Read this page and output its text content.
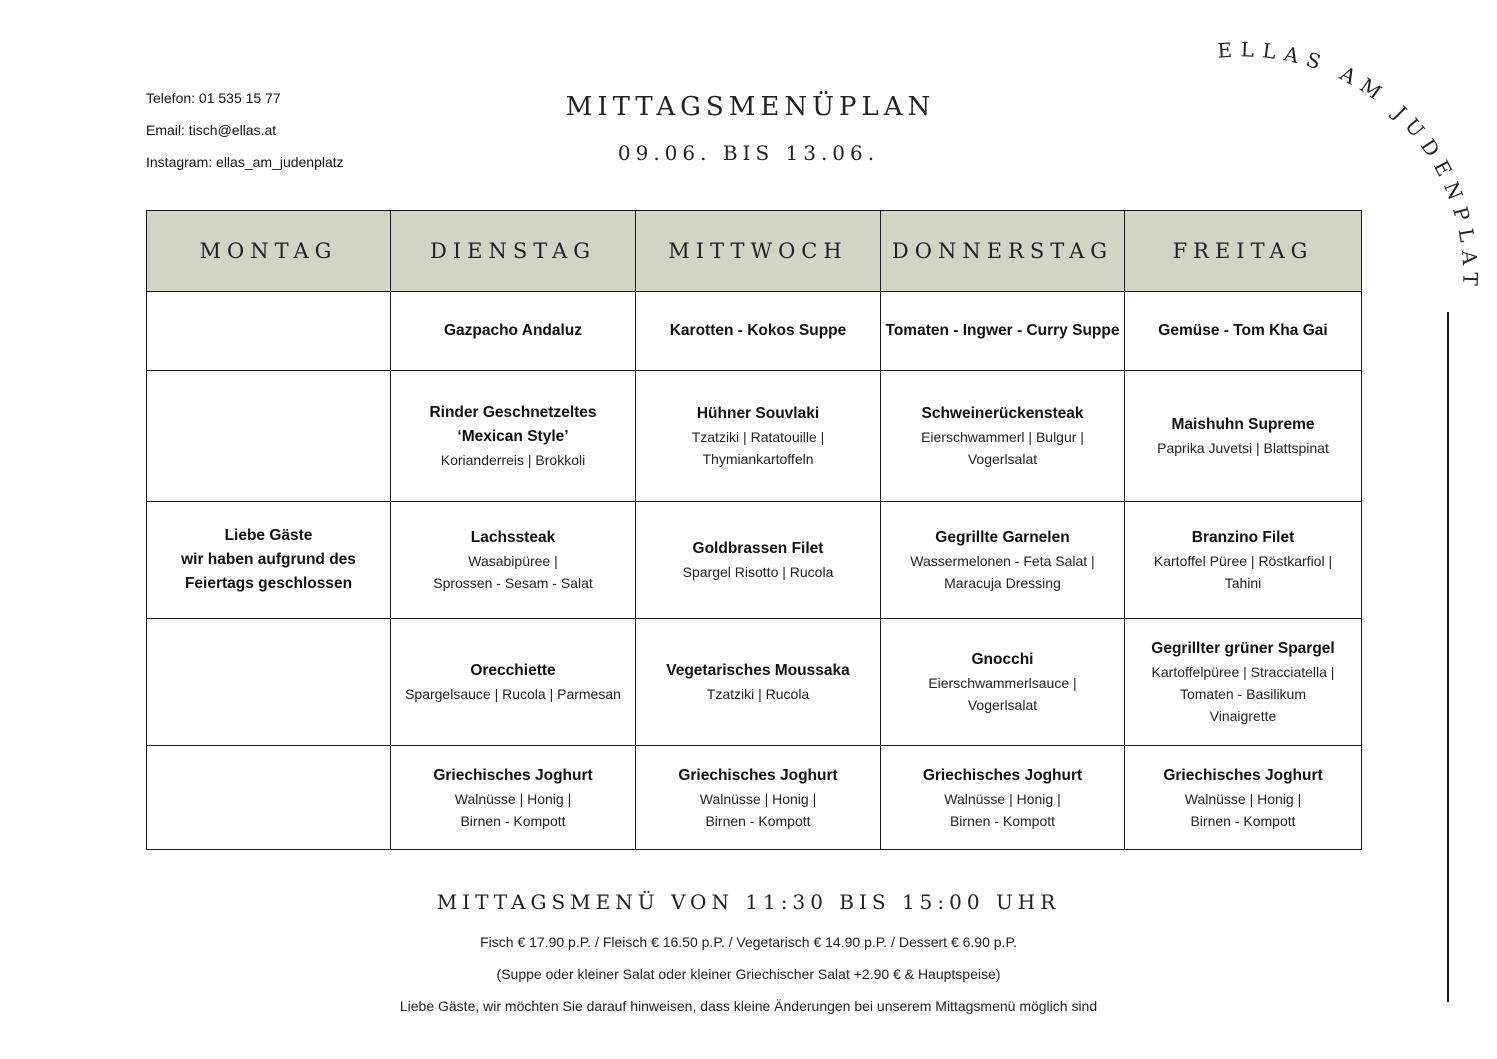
Telefon: 01 535 15 77
Email: tisch@ellas.at
Instagram: ellas_am_judenplatz
MITTAGSMENÜPLAN
09.06. BIS 13.06.
ELLAS AM JUDENPLATZ
MONTAG	DIENSTAG	MITTWOCH	DONNERSTAG	FREITAG

	Gazpacho Andaluz	Karotten - Kokos Suppe	Tomaten - Ingwer - Curry Suppe	Gemüse - Tom Kha Gai

	Rinder Geschnetzeltes ‘Mexican Style’
Korianderreis | Brokkoli	Hühner Souvlaki
Tzatziki | Ratatouille |
Thymiankartoffeln	Schweinerückensteak
Eierschwammerl | Bulgur |
Vogerlsalat	Maishuhn Supreme
Paprika Juvetsi | Blattspinat

Liebe Gäste
wir haben aufgrund des
Feiertags geschlossen	Lachssteak
Wasabipüree |
Sprossen - Sesam - Salat	Goldbrassen Filet
Spargel Risotto | Rucola	Gegrillte Garnelen
Wassermelonen - Feta Salat |
Maracuja Dressing	Branzino Filet
Kartoffel Püree | Röstkarfiol |
Tahini

	Orecchiette
Spargelsauce | Rucola | Parmesan	Vegetarisches Moussaka
Tzatziki | Rucola	Gnocchi
Eierschwammerlsauce |
Vogerlsalat	Gegrillter grüner Spargel
Kartoffelpüree | Stracciatella |
Tomaten - Basilikum
Vinaigrette

	Griechisches Joghurt
Walnüsse | Honig |
Birnen - Kompott	Griechisches Joghurt
Walnüsse | Honig |
Birnen - Kompott	Griechisches Joghurt
Walnüsse | Honig |
Birnen - Kompott	Griechisches Joghurt
Walnüsse | Honig |
Birnen - Kompott
MITTAGSMENÜ VON 11:30 BIS 15:00 UHR
Fisch € 17.90 p.P. / Fleisch € 16.50 p.P. / Vegetarisch € 14.90 p.P. / Dessert € 6.90 p.P.
(Suppe oder kleiner Salat oder kleiner Griechischer Salat +2.90 € & Hauptspeise)
Liebe Gäste, wir möchten Sie darauf hinweisen, dass kleine Änderungen bei unserem Mittagsmenü möglich sind
